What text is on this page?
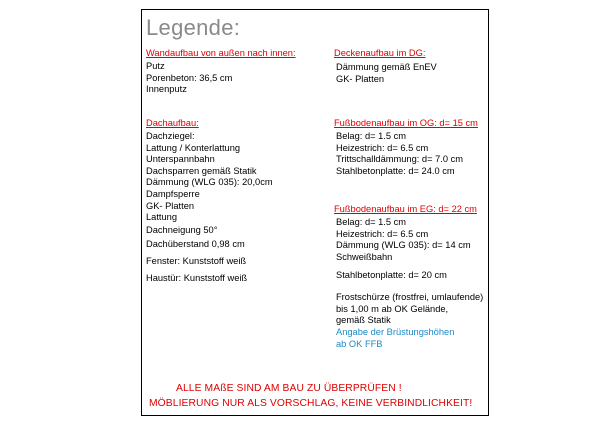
Legende:
Wandaufbau von außen nach innen:
Putz
Porenbeton: 36,5 cm
Innenputz
Dachaufbau:
Dachziegel:
Lattung / Konterlattung
Unterspannbahn
Dachsparren gemäß Statik
Dämmung (WLG 035): 20,0cm
Dampfsperre
GK- Platten
Lattung
Dachneigung 50°
Dachüberstand 0,98 cm
Fenster: Kunststoff weiß
Haustür: Kunststoff weiß
Deckenaufbau im DG:
Dämmung gemäß EnEV
GK- Platten
Fußbodenaufbau im OG: d= 15 cm
Belag: d= 1.5 cm
Heizestrich: d= 6.5 cm
Trittschalldämmung: d= 7.0 cm
Stahlbetonplatte: d= 24.0 cm
Fußbodenaufbau im EG: d= 22 cm
Belag: d= 1.5 cm
Heizestrich: d= 6.5 cm
Dämmung (WLG 035): d= 14 cm
Schweißbahn
Stahlbetonplatte: d= 20 cm
Frostschürze (frostfrei, umlaufende)
bis 1,00 m ab OK Gelände,
gemäß Statik
Angabe der Brüstungshöhen
ab OK FFB
ALLE MAßE SIND AM BAU ZU ÜBERPRÜFEN !
MÖBLIERUNG NUR ALS VORSCHLAG, KEINE VERBINDLICHKEIT!
